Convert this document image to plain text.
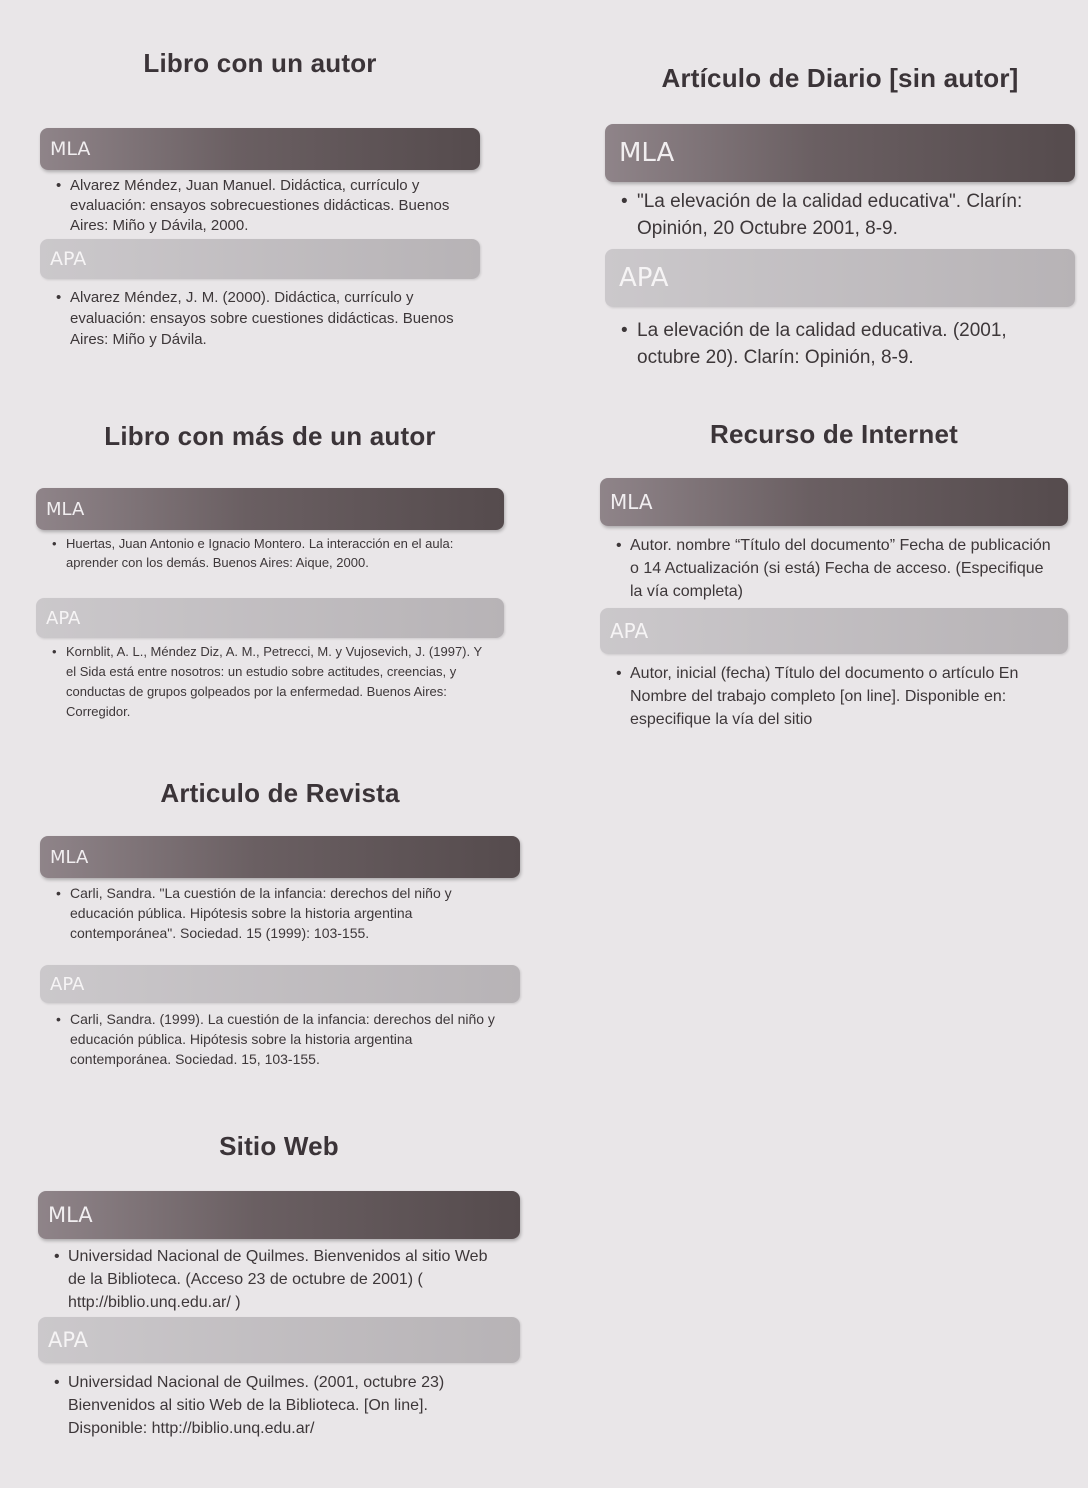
Libro con un autor
MLA
• Alvarez Méndez, Juan Manuel. Didáctica, currículo y evaluación: ensayos sobrecuestiones didácticas. Buenos Aires: Miño y Dávila, 2000.
APA
• Alvarez Méndez, J. M. (2000). Didáctica, currículo y evaluación: ensayos sobre cuestiones didácticas. Buenos Aires: Miño y Dávila.
Libro con más de un autor
MLA
• Huertas, Juan Antonio e Ignacio Montero. La interacción en el aula: aprender con los demás. Buenos Aires: Aique, 2000.
APA
• Kornblit, A. L., Méndez Diz, A. M., Petrecci, M. y Vujosevich, J. (1997). Y el Sida está entre nosotros: un estudio sobre actitudes, creencias, y conductas de grupos golpeados por la enfermedad. Buenos Aires: Corregidor.
Articulo de Revista
MLA
• Carli, Sandra. "La cuestión de la infancia: derechos del niño y educación pública. Hipótesis sobre la historia argentina contemporánea". Sociedad. 15 (1999): 103-155.
APA
• Carli, Sandra. (1999). La cuestión de la infancia: derechos del niño y educación pública. Hipótesis sobre la historia argentina contemporánea. Sociedad. 15, 103-155.
Sitio Web
MLA
• Universidad Nacional de Quilmes. Bienvenidos al sitio Web de la Biblioteca. (Acceso 23 de octubre de 2001) ( http://biblio.unq.edu.ar/ )
APA
• Universidad Nacional de Quilmes. (2001, octubre 23) Bienvenidos al sitio Web de la Biblioteca. [On line]. Disponible: http://biblio.unq.edu.ar/
Artículo de Diario [sin autor]
MLA
• "La elevación de la calidad educativa". Clarín: Opinión, 20 Octubre 2001, 8-9.
APA
• La elevación de la calidad educativa. (2001, octubre 20). Clarín: Opinión, 8-9.
Recurso de Internet
MLA
• Autor. nombre “Título del documento” Fecha de publicación o 14 Actualización (si está) Fecha de acceso. (Especifique la vía completa)
APA
• Autor, inicial (fecha) Título del documento o artículo En Nombre del trabajo completo [on line]. Disponible en: especifique la vía del sitio
